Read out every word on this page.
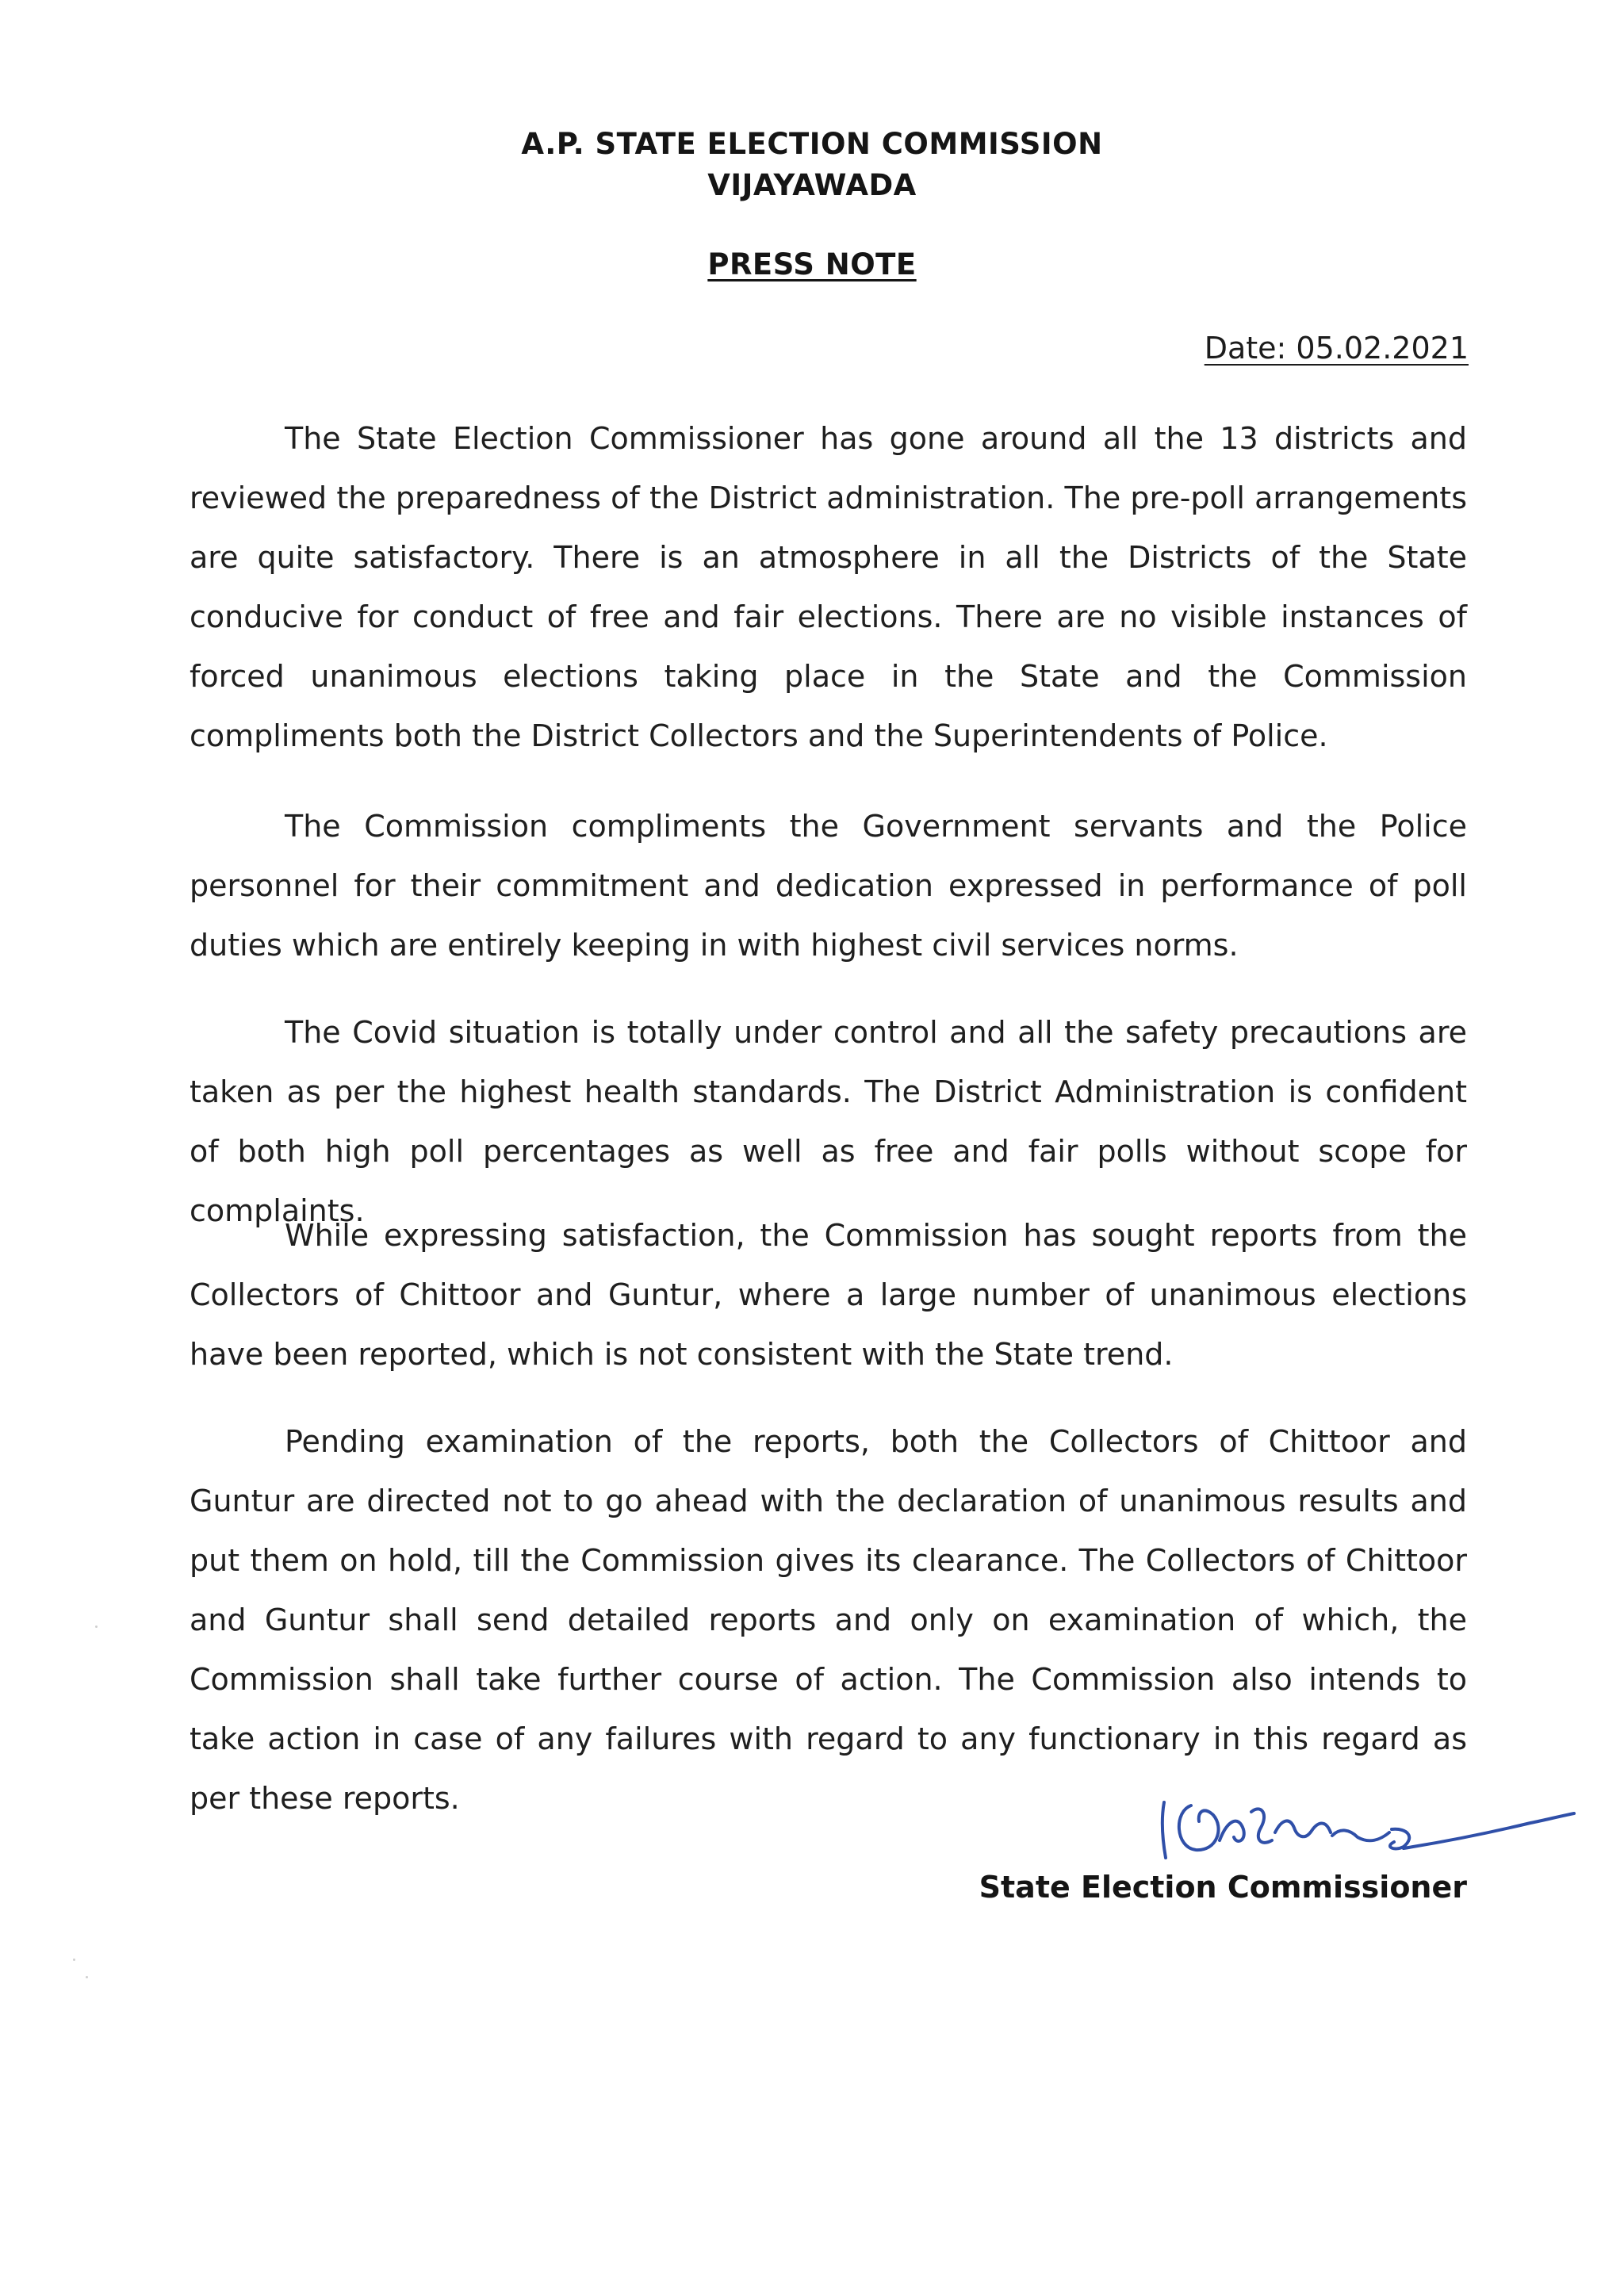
A.P. STATE ELECTION COMMISSION
VIJAYAWADA
PRESS NOTE
Date: 05.02.2021

The State Election Commissioner has gone around all the 13 districts and reviewed the preparedness of the District administration. The pre-poll arrangements are quite satisfactory. There is an atmosphere in all the Districts of the State conducive for conduct of free and fair elections. There are no visible instances of forced unanimous elections taking place in the State and the Commission compliments both the District Collectors and the Superintendents of Police.

The Commission compliments the Government servants and the Police personnel for their commitment and dedication expressed in performance of poll duties which are entirely keeping in with highest civil services norms.

The Covid situation is totally under control and all the safety precautions are taken as per the highest health standards. The District Administration is confident of both high poll percentages as well as free and fair polls without scope for complaints.

While expressing satisfaction, the Commission has sought reports from the Collectors of Chittoor and Guntur, where a large number of unanimous elections have been reported, which is not consistent with the State trend.

Pending examination of the reports, both the Collectors of Chittoor and Guntur are directed not to go ahead with the declaration of unanimous results and put them on hold, till the Commission gives its clearance. The Collectors of Chittoor and Guntur shall send detailed reports and only on examination of which, the Commission shall take further course of action. The Commission also intends to take action in case of any failures with regard to any functionary in this regard as per these reports.

State Election Commissioner
